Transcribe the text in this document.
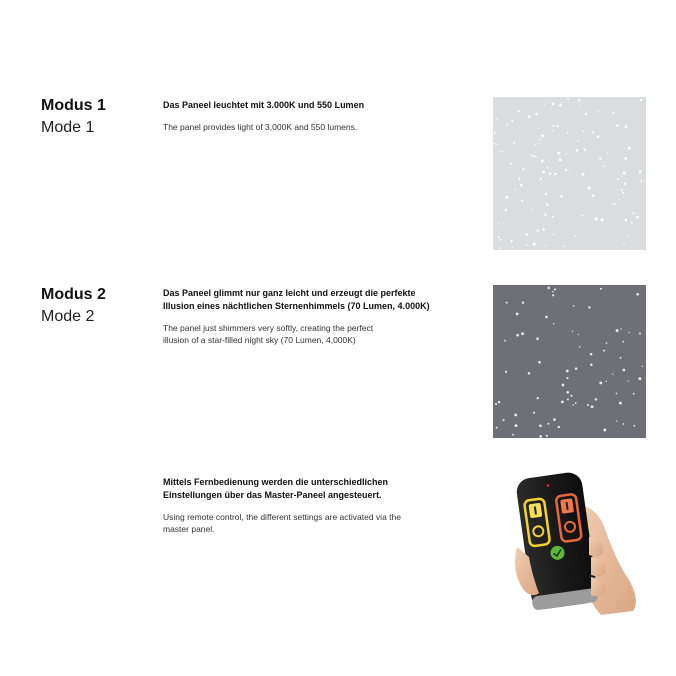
Modus 1
Mode 1
Das Paneel leuchtet mit 3.000K und 550 Lumen
The panel provides light of 3,000K and 550 lumens.
Modus 2
Mode 2
Das Paneel glimmt nur ganz leicht und erzeugt die perfekte
Illusion eines nächtlichen Sternenhimmels (70 Lumen, 4.000K)
The panel just shimmers very softly, creating the perfect
illusion of a star-filled night sky (70 Lumen, 4,000K)
Mittels Fernbedienung werden die unterschiedlichen
Einstellungen über das Master-Paneel angesteuert.
Using remote control, the different settings are activated via the
master panel.
